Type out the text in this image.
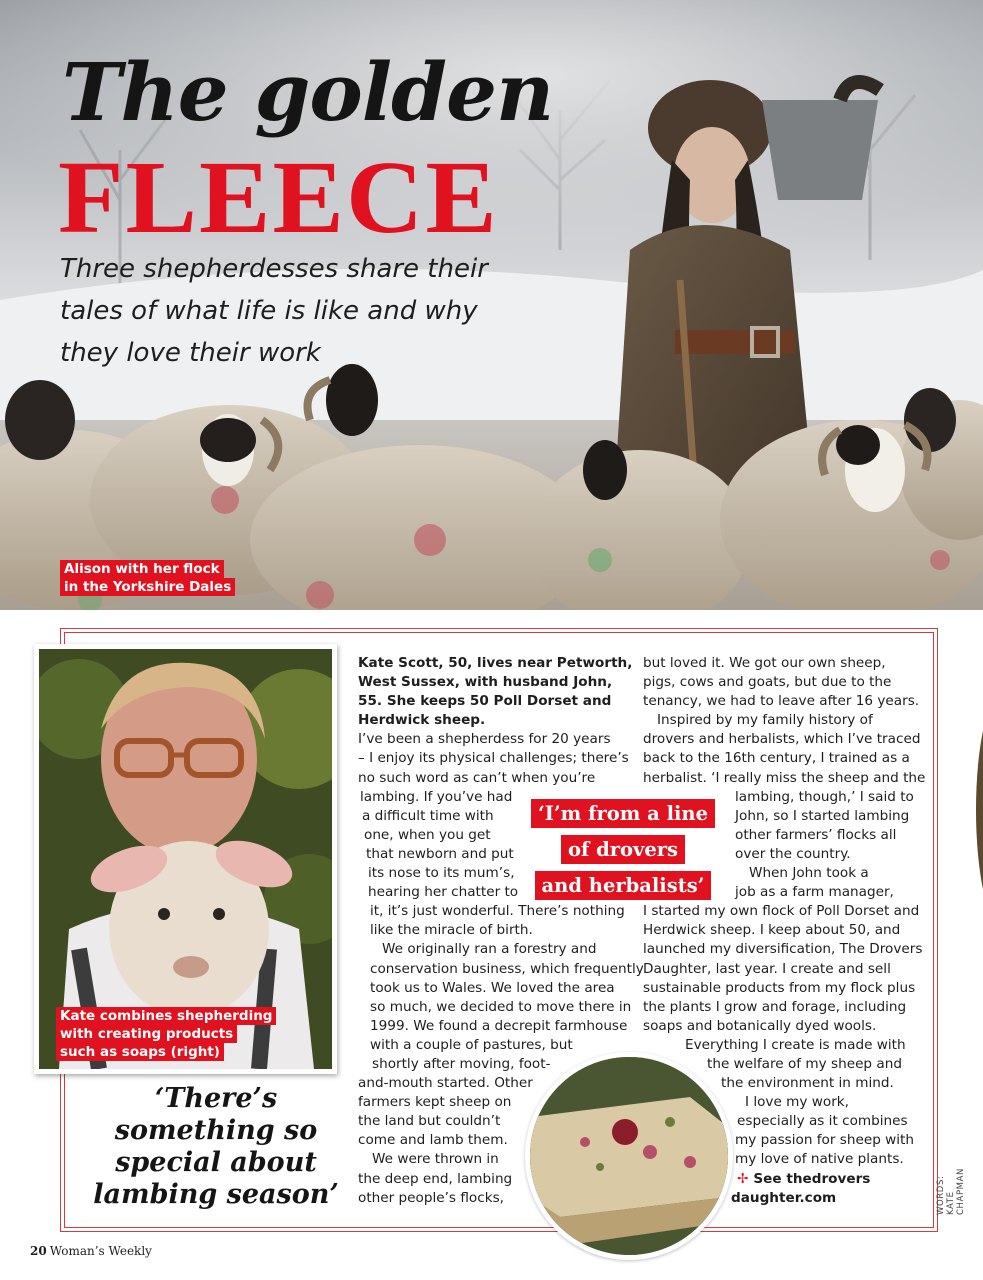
The golden
FLEECE
Three shepherdesses share their tales of what life is like and why they love their work
Alison with her flock
in the Yorkshire Dales
Kate combines shepherding
with creating products
such as soaps (right)
‘There’s something so special about lambing season’
Kate Scott, 50, lives near Petworth,
West Sussex, with husband John,
55. She keeps 50 Poll Dorset and
Herdwick sheep.
I’ve been a shepherdess for 20 years
– I enjoy its physical challenges; there’s
no such word as can’t when you’re
lambing. If you’ve had
a difficult time with
one, when you get
that newborn and put
its nose to its mum’s,
hearing her chatter to
it, it’s just wonderful. There’s nothing
like the miracle of birth.
We originally ran a forestry and
conservation business, which frequently
took us to Wales. We loved the area
so much, we decided to move there in
1999. We found a decrepit farmhouse
with a couple of pastures, but
shortly after moving, foot-
and-mouth started. Other
farmers kept sheep on
the land but couldn’t
come and lamb them.
We were thrown in
the deep end, lambing
other people’s flocks,
but loved it. We got our own sheep,
pigs, cows and goats, but due to the
tenancy, we had to leave after 16 years.
Inspired by my family history of
drovers and herbalists, which I’ve traced
back to the 16th century, I trained as a
herbalist. ‘I really miss the sheep and the
lambing, though,’ I said to
John, so I started lambing
other farmers’ flocks all
over the country.
When John took a
job as a farm manager,
I started my own flock of Poll Dorset and
Herdwick sheep. I keep about 50, and
launched my diversification, The Drovers
Daughter, last year. I create and sell
sustainable products from my flock plus
the plants I grow and forage, including
soaps and botanically dyed wools.
Everything I create is made with
the welfare of my sheep and
the environment in mind.
I love my work,
especially as it combines
my passion for sheep with
my love of native plants.
✢ See thedrovers
daughter.com
‘I’m from a line
of drovers
and herbalists’
WORDS: KATE CHAPMAN
20 Woman’s Weekly
